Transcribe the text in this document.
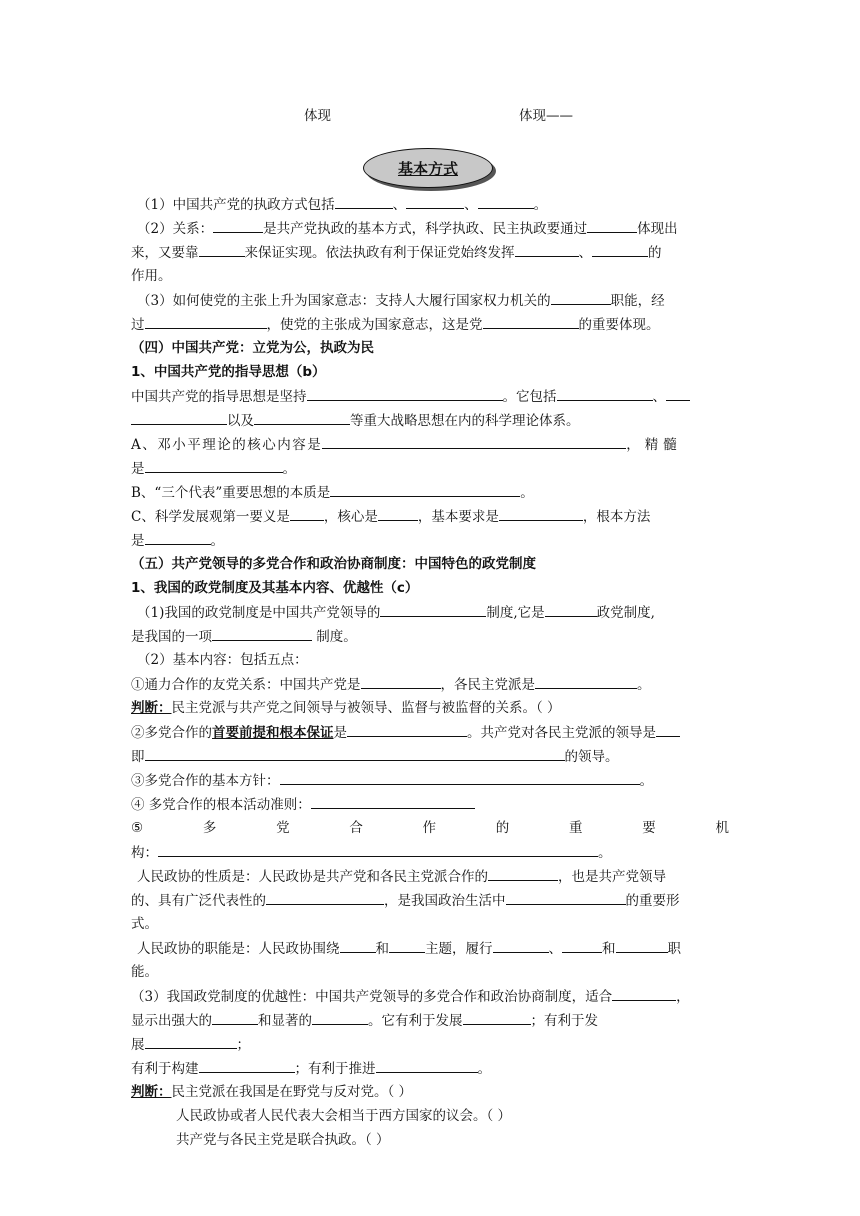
体现	体现——
基本方式
（1）中国共产党的执政方式包括	、	、	。
（2）关系：	是共产党执政的基本方式，科学执政、民主执政要通过	体现出
来，又要靠	来保证实现。依法执政有利于保证党始终发挥	、	的
作用。
（3）如何使党的主张上升为国家意志：支持人大履行国家权力机关的	职能，经
过	，使党的主张成为国家意志，这是党	的重要体现。
（四）中国共产党：立党为公，执政为民
1、中国共产党的指导思想（b）
中国共产党的指导思想是坚持	。它包括	、
以及	等重大战略思想在内的科学理论体系。
A、邓小平理论的核心内容是	，精髓
是	。
B、“三个代表”重要思想的本质是	。
C、科学发展观第一要义是	，核心是	，基本要求是	，根本方法
是	。
（五）共产党领导的多党合作和政治协商制度：中国特色的政党制度
1、我国的政党制度及其基本内容、优越性（c）
（1)我国的政党制度是中国共产党领导的	制度,它是	政党制度,
是我国的一项	制度。
（2）基本内容：包括五点：
①通力合作的友党关系：中国共产党是	，各民主党派是	。
判断：民主党派与共产党之间领导与被领导、监督与被监督的关系。（ ）
②多党合作的首要前提和根本保证是	。共产党对各民主党派的领导是
即	的领导。
③多党合作的基本方针：	。
④ 多党合作的根本活动准则：
⑤	多	党	合	作	的	重	要	机
构：	。
人民政协的性质是：人民政协是共产党和各民主党派合作的	，也是共产党领导
的、具有广泛代表性的	，是我国政治生活中	的重要形
式。
人民政协的职能是：人民政协围绕	和	主题，履行	、	和	职
能。
（3）我国政党制度的优越性：中国共产党领导的多党合作和政治协商制度，适合	，
显示出强大的	和显著的	。它有利于发展	；有利于发
展	；
有利于构建	；有利于推进	。
判断：民主党派在我国是在野党与反对党。（ ）
人民政协或者人民代表大会相当于西方国家的议会。（ ）
共产党与各民主党是联合执政。（ ）
